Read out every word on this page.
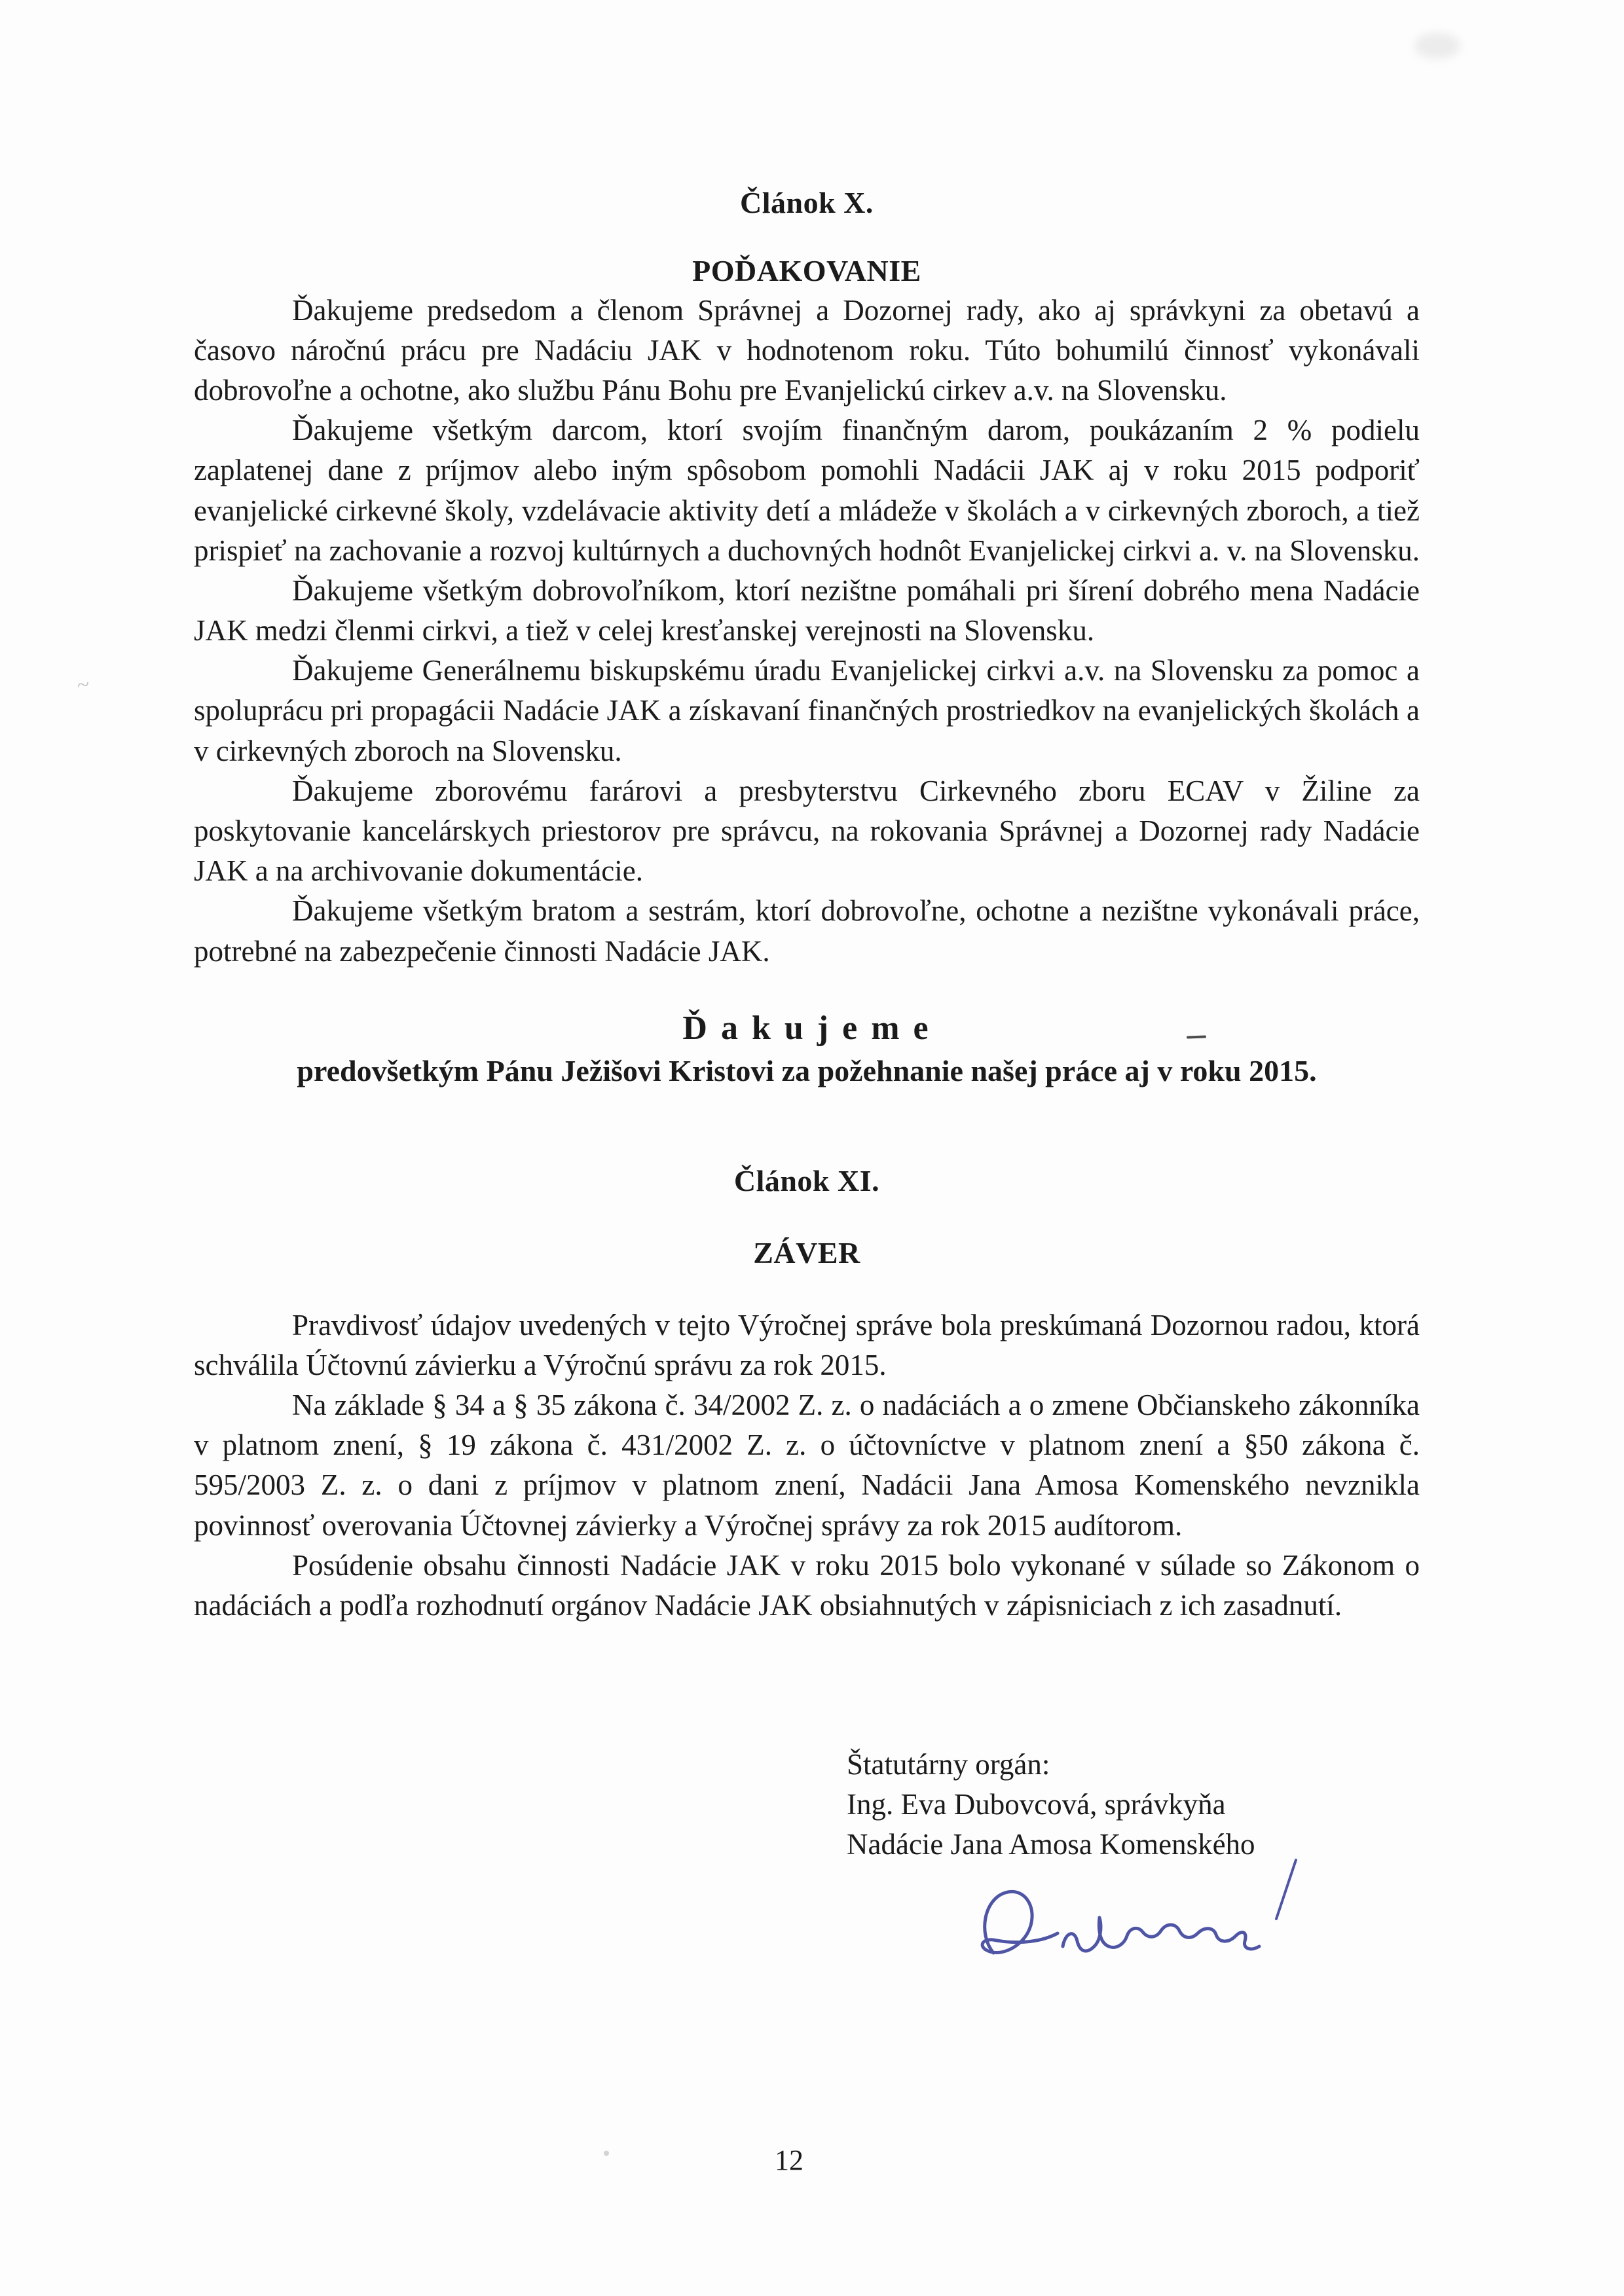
Článok X.
POĎAKOVANIE

Ďakujeme predsedom a členom Správnej a Dozornej rady, ako aj správkyni za obetavú a časovo náročnú prácu pre Nadáciu JAK v hodnotenom roku. Túto bohumilú činnosť vykonávali dobrovoľne a ochotne, ako službu Pánu Bohu pre Evanjelickú cirkev a.v. na Slovensku.

Ďakujeme všetkým darcom, ktorí svojím finančným darom, poukázaním 2 % podielu zaplatenej dane z príjmov alebo iným spôsobom pomohli Nadácii JAK aj v roku 2015 podporiť evanjelické cirkevné školy, vzdelávacie aktivity detí a mládeže v školách a v cirkevných zboroch, a tiež prispieť na zachovanie a rozvoj kultúrnych a duchovných hodnôt Evanjelickej cirkvi a. v. na Slovensku.

Ďakujeme všetkým dobrovoľníkom, ktorí nezištne pomáhali pri šírení dobrého mena Nadácie JAK medzi členmi cirkvi, a tiež v celej kresťanskej verejnosti na Slovensku.

Ďakujeme Generálnemu biskupskému úradu Evanjelickej cirkvi a.v. na Slovensku za pomoc a spoluprácu pri propagácii Nadácie JAK a získavaní finančných prostriedkov na evanjelických školách a v cirkevných zboroch na Slovensku.

Ďakujeme zborovému farárovi a presbyterstvu Cirkevného zboru ECAV v Žiline za poskytovanie kancelárskych priestorov pre správcu, na rokovania Správnej a Dozornej rady Nadácie JAK a na archivovanie dokumentácie.

Ďakujeme všetkým bratom a sestrám, ktorí dobrovoľne, ochotne a nezištne vykonávali práce, potrebné na zabezpečenie činnosti Nadácie JAK.

Ď a k u j e m e

predovšetkým Pánu Ježišovi Kristovi za požehnanie našej práce aj v roku 2015.

Článok XI.
ZÁVER

Pravdivosť údajov uvedených v tejto Výročnej správe bola preskúmaná Dozornou radou, ktorá schválila Účtovnú závierku a Výročnú správu za rok 2015.

Na základe § 34 a § 35 zákona č. 34/2002 Z. z. o nadáciách a o zmene Občianskeho zákonníka v platnom znení, § 19 zákona č. 431/2002 Z. z. o účtovníctve v platnom znení a §50 zákona č. 595/2003 Z. z. o dani z príjmov v platnom znení, Nadácii Jana Amosa Komenského nevznikla povinnosť overovania Účtovnej závierky a Výročnej správy za rok 2015 audítorom.

Posúdenie obsahu činnosti Nadácie JAK v roku 2015 bolo vykonané v súlade so Zákonom o nadáciách a podľa rozhodnutí orgánov Nadácie JAK obsiahnutých v zápisniciach z ich zasadnutí.

Štatutárny orgán:

Ing. Eva Dubovcová, správkyňa

Nadácie Jana Amosa Komenského

12
~
